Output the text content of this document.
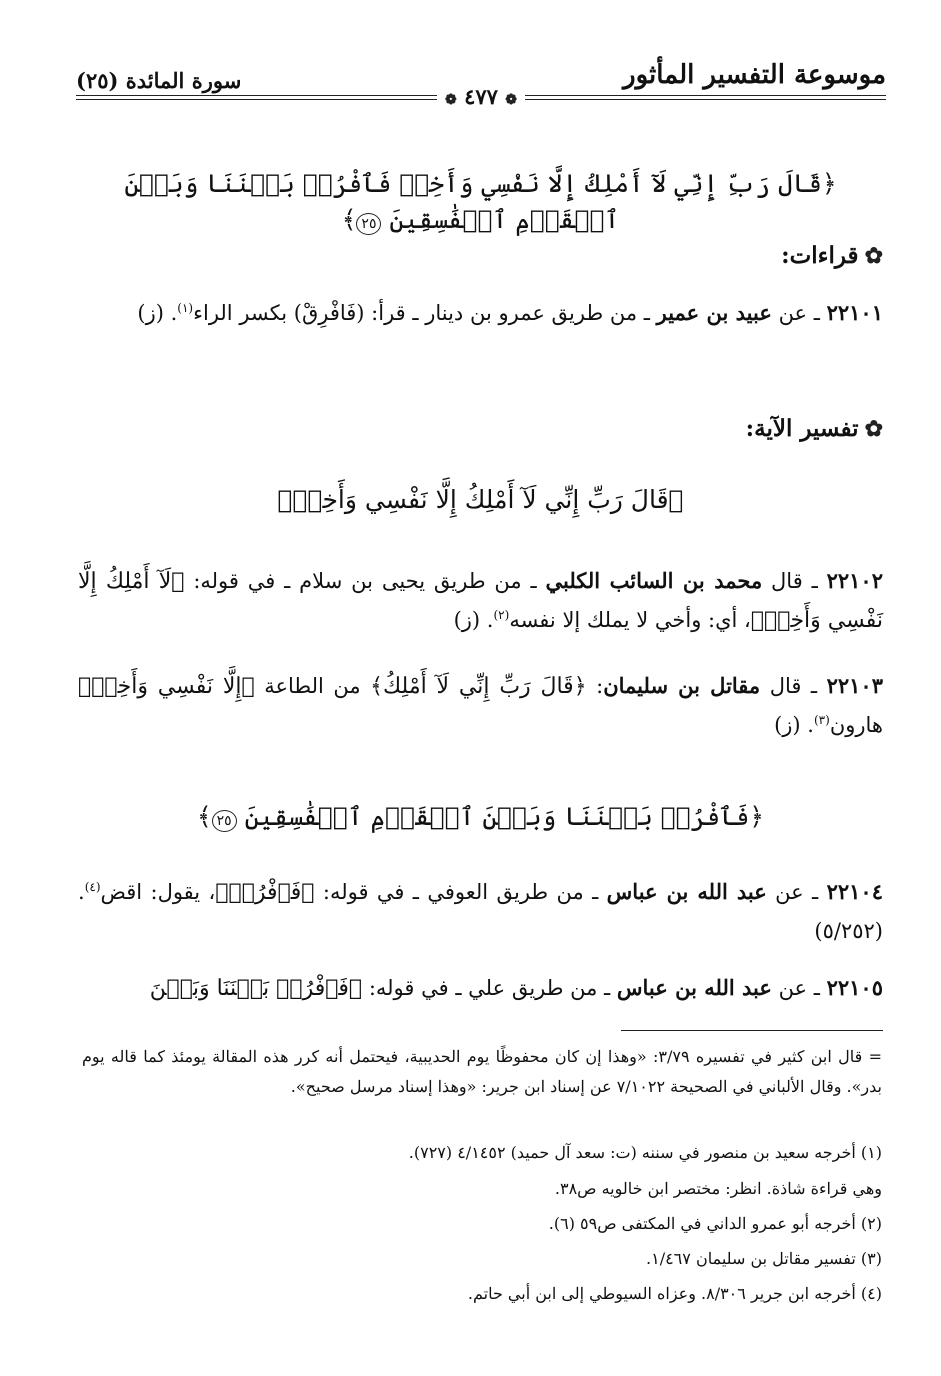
موسوعة التفسير المأثور
سورة المائدة (٢٥)
❁ ٤٧٧ ❁
﴿قَالَ رَبِّ إِنِّي لَآ أَمْلِكُ إِلَّا نَفْسِي وَأَخِيۖ فَٱفْرُقۡ بَيۡنَنَا وَبَيۡنَ ٱلۡقَوۡمِ ٱلۡفَٰسِقِينَ ٢٥﴾
✿قراءات:
٢٢١٠١ ـ عن عبيد بن عمير ـ من طريق عمرو بن دينار ـ قرأ: (فَافْرِقْ) بكسر الراء$^{(١)}$. (ز)
✿تفسير الآية:
﴿قَالَ رَبِّ إِنِّي لَآ أَمْلِكُ إِلَّا نَفْسِي وَأَخِيۖ﴾
٢٢١٠٢ ـ قال محمد بن السائب الكلبي ـ من طريق يحيى بن سلام ـ في قوله: ﴿لَآ أَمْلِكُ إِلَّا نَفْسِي وَأَخِيۖ﴾، أي: وأخي لا يملك إلا نفسه$^{(٢)}$. (ز)
٢٢١٠٣ ـ قال مقاتل بن سليمان: ﴿قَالَ رَبِّ إِنِّي لَآ أَمْلِكُ﴾ من الطاعة ﴿إِلَّا نَفْسِي وَأَخِيۖ﴾ هارون$^{(٣)}$. (ز)
﴿فَٱفْرُقۡ بَيۡنَنَا وَبَيۡنَ ٱلۡقَوۡمِ ٱلۡفَٰسِقِينَ ٢٥﴾
٢٢١٠٤ ـ عن عبد الله بن عباس ـ من طريق العوفي ـ في قوله: ﴿فَٱفْرُقۡ﴾، يقول: اقض$^{(٤)}$. (٥/٢٥٢)
٢٢١٠٥ ـ عن عبد الله بن عباس ـ من طريق علي ـ في قوله: ﴿فَٱفْرُقۡ بَيۡنَنَا وَبَيۡنَ
= قال ابن كثير في تفسيره ٣/٧٩: «وهذا إن كان محفوظًا يوم الحديبية، فيحتمل أنه كرر هذه المقالة يومئذ كما قاله يوم بدر». وقال الألباني في الصحيحة ٧/١٠٢٢ عن إسناد ابن جرير: «وهذا إسناد مرسل صحيح».
(١) أخرجه سعيد بن منصور في سننه (ت: سعد آل حميد) ٤/١٤٥٢ (٧٢٧).
وهي قراءة شاذة. انظر: مختصر ابن خالويه ص٣٨.
(٢) أخرجه أبو عمرو الداني في المكتفى ص٥٩ (٦).
(٣) تفسير مقاتل بن سليمان ١/٤٦٧.
(٤) أخرجه ابن جرير ٨/٣٠٦. وعزاه السيوطي إلى ابن أبي حاتم.
